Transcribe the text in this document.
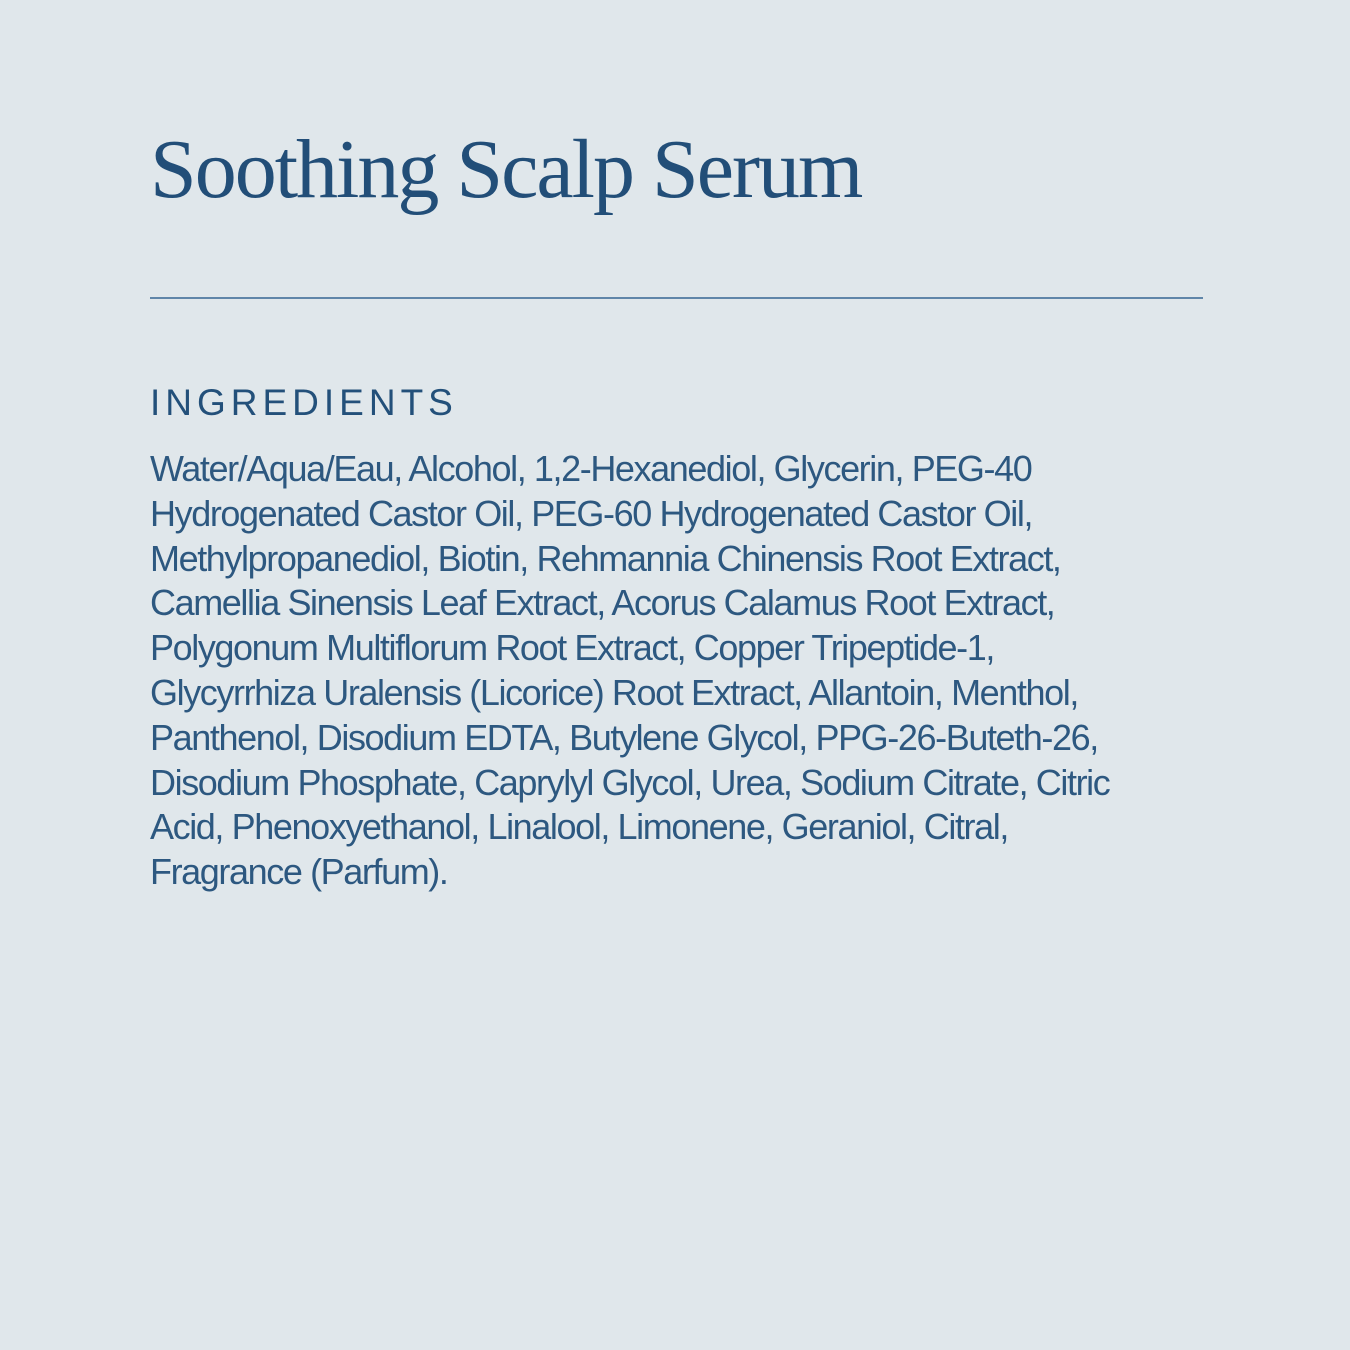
Soothing Scalp Serum
INGREDIENTS
Water/Aqua/Eau, Alcohol, 1,2-Hexanediol, Glycerin, PEG-40
Hydrogenated Castor Oil, PEG-60 Hydrogenated Castor Oil,
Methylpropanediol, Biotin, Rehmannia Chinensis Root Extract,
Camellia Sinensis Leaf Extract, Acorus Calamus Root Extract,
Polygonum Multiflorum Root Extract, Copper Tripeptide-1,
Glycyrrhiza Uralensis (Licorice) Root Extract, Allantoin, Menthol,
Panthenol, Disodium EDTA, Butylene Glycol, PPG-26-Buteth-26,
Disodium Phosphate, Caprylyl Glycol, Urea, Sodium Citrate, Citric
Acid, Phenoxyethanol, Linalool, Limonene, Geraniol, Citral,
Fragrance (Parfum).
